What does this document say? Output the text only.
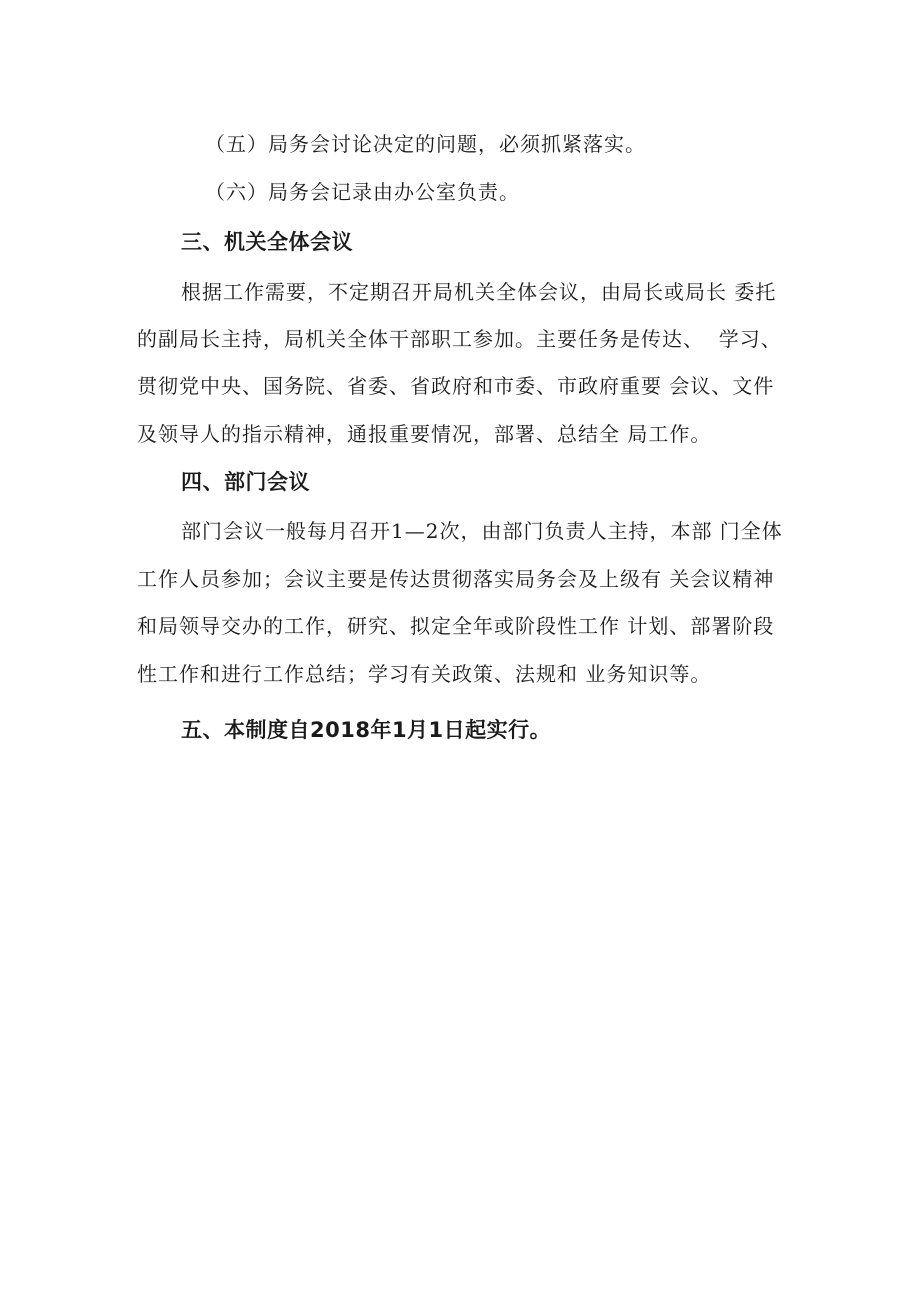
（五）局务会讨论决定的问题，必须抓紧落实。
（六）局务会记录由办公室负责。
三、机关全体会议
根据工作需要，不定期召开局机关全体会议，由局长或局长 委托
的副局长主持，局机关全体干部职工参加。主要任务是传达、  学习、
贯彻党中央、国务院、省委、省政府和市委、市政府重要 会议、文件
及领导人的指示精神，通报重要情况，部署、总结全 局工作。
四、部门会议
部门会议一般每月召开1—2次，由部门负责人主持，本部 门全体
工作人员参加；会议主要是传达贯彻落实局务会及上级有 关会议精神
和局领导交办的工作，研究、拟定全年或阶段性工作 计划、部署阶段
性工作和进行工作总结；学习有关政策、法规和 业务知识等。
五、本制度自2018年1月1日起实行。
